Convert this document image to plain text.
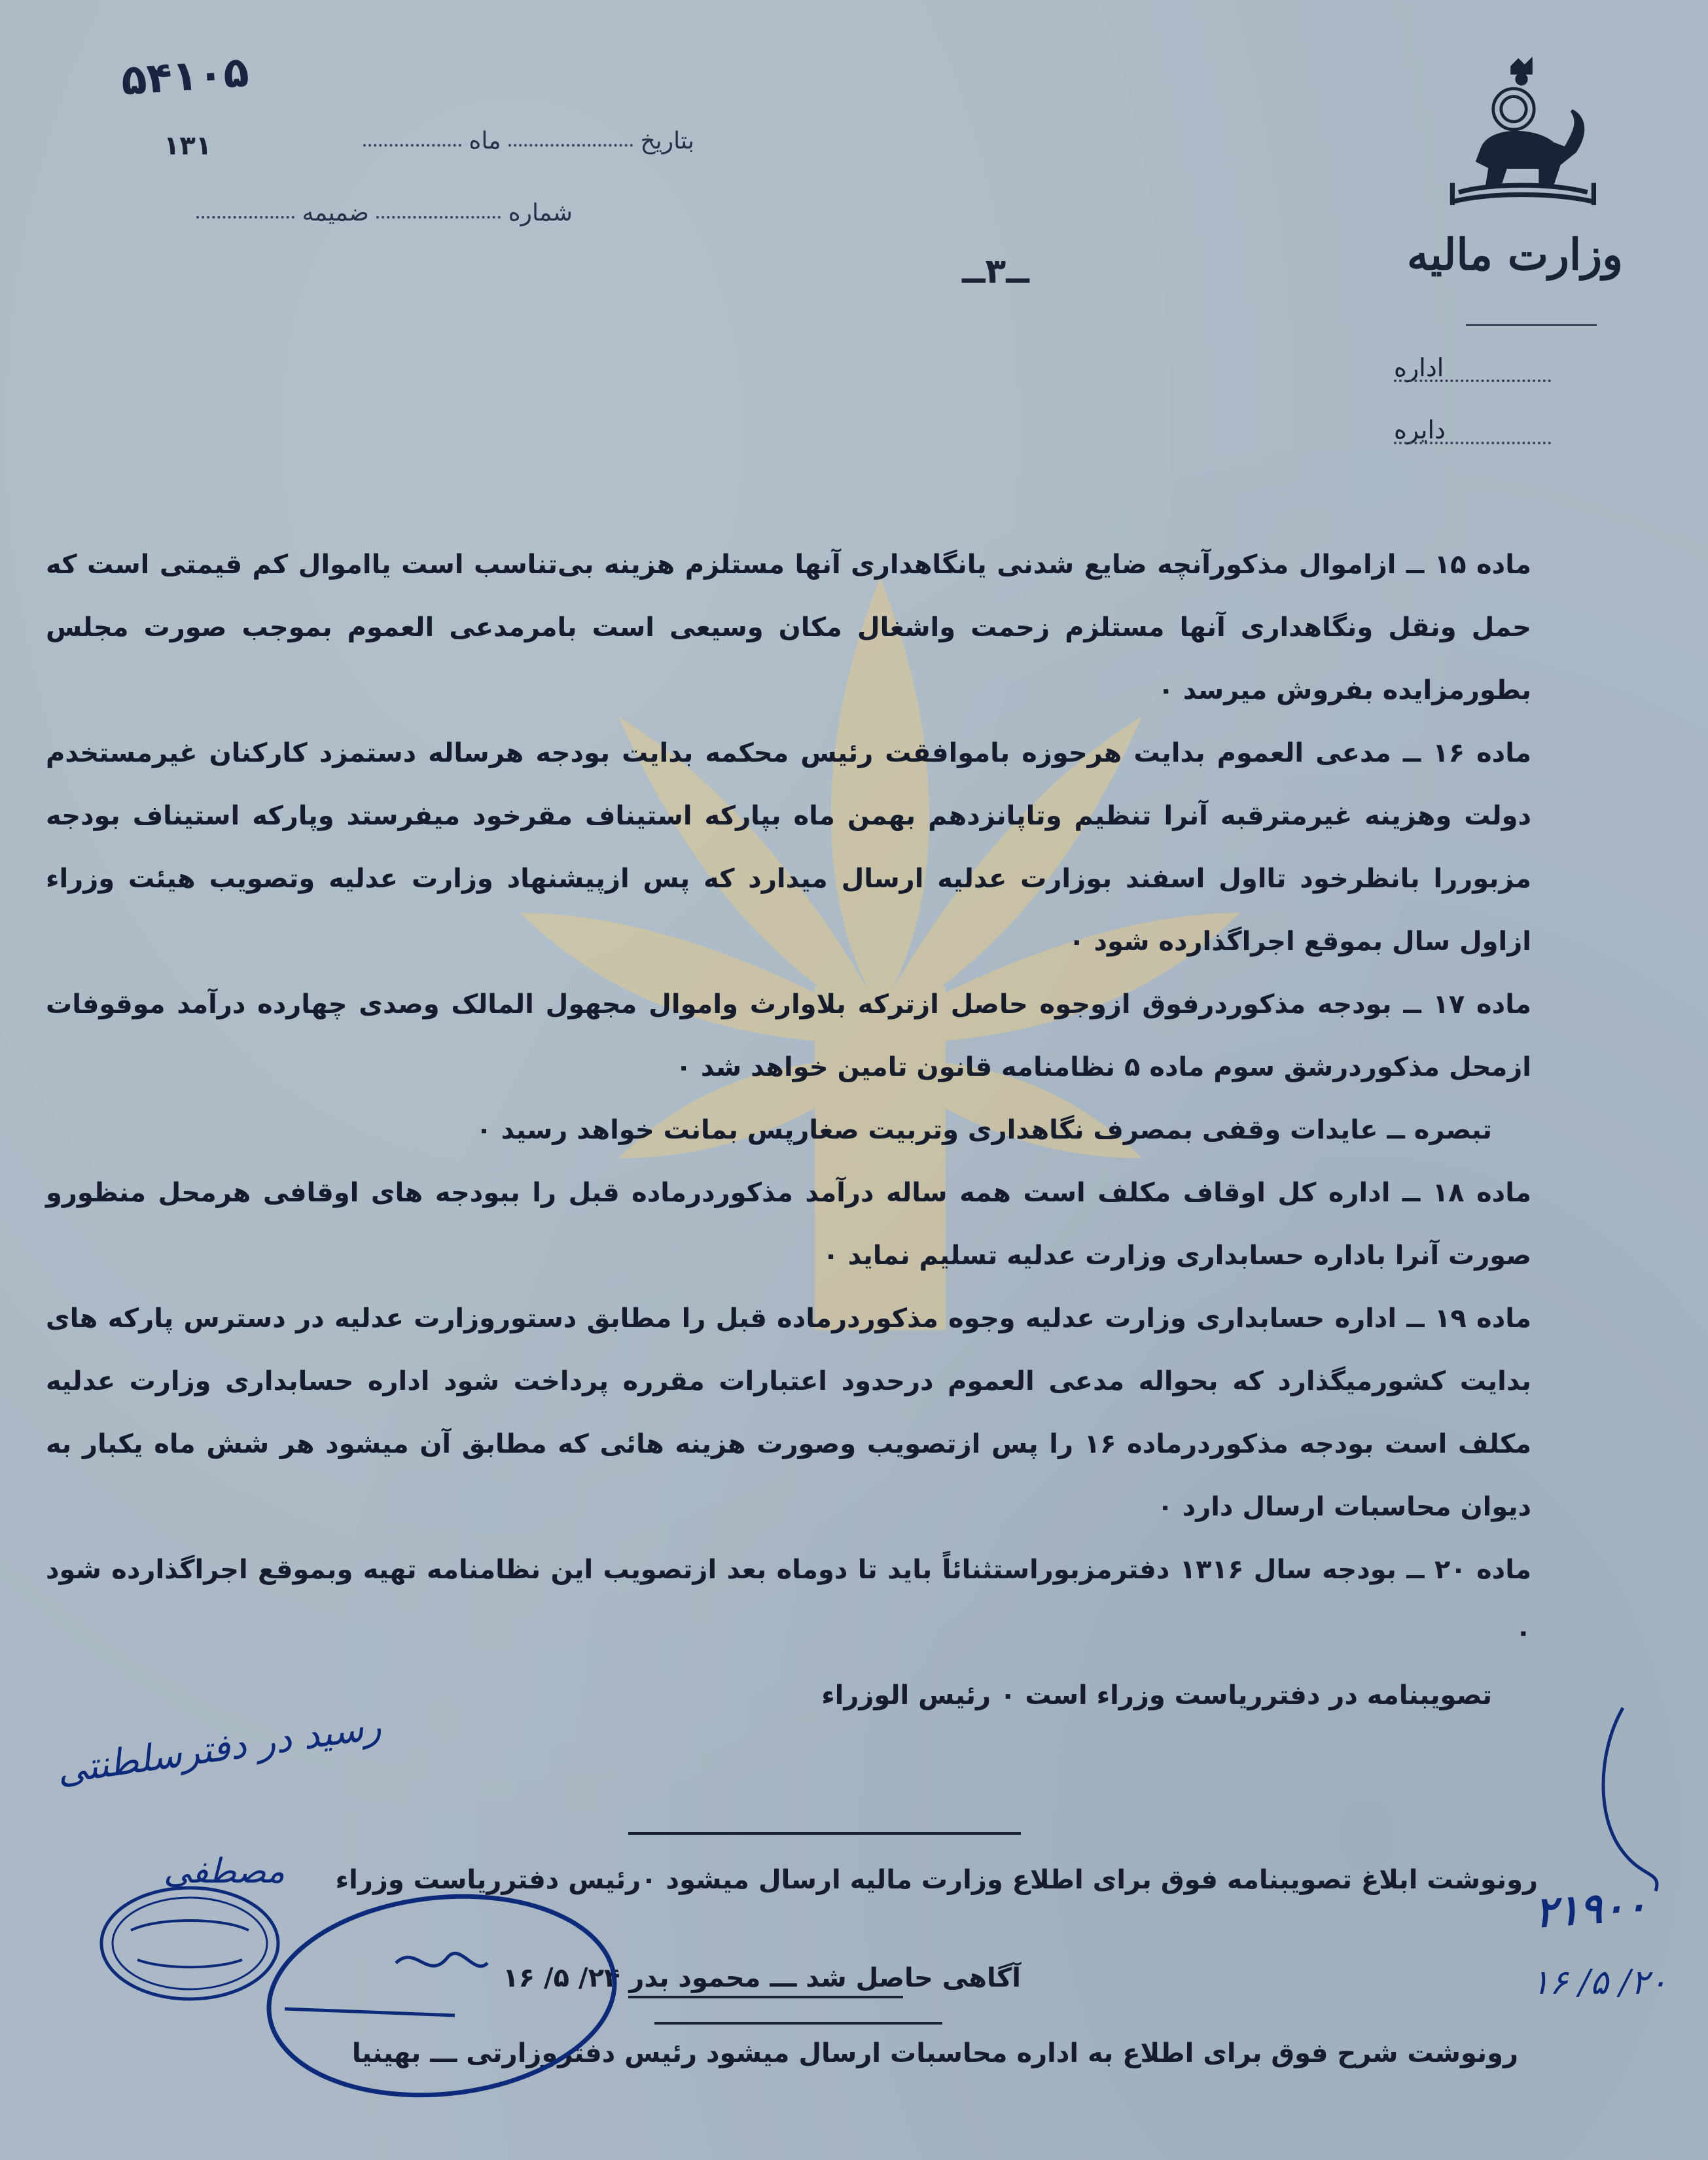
۵۴۱۰۵
بتاریخ  ماه
۱۳۱
شماره  ضمیمه
ــ۳ــ	وزارت مالیه
اداره
دایره

ماده ۱۵ ــ ازاموال مذکورآنچه ضایع شدنی یانگاهداری آنها مستلزم هزینه بی‌تناسب است یااموال کم قیمتی است که حمل ونقل ونگاهداری آنها مستلزم زحمت واشغال مکان وسیعی است بامرمدعی العموم بموجب صورت مجلس بطورمزایده بفروش میرسد ۰

ماده ۱۶ ــ مدعی العموم بدایت هرحوزه باموافقت رئیس محکمه بدایت بودجه هرساله دستمزد کارکنان غیرمستخدم دولت وهزینه غیرمترقبه آنرا تنظیم وتاپانزدهم بهمن ماه بپارکه استیناف مقرخود میفرستد وپارکه استیناف بودجه مزبوررا بانظرخود تااول اسفند بوزارت عدلیه ارسال میدارد که پس ازپیشنهاد وزارت عدلیه وتصویب هیئت وزراء ازاول سال بموقع اجراگذارده شود ۰

ماده ۱۷ ــ بودجه مذکوردرفوق ازوجوه حاصل ازترکه بلاوارث واموال مجهول المالک وصدی چهارده درآمد موقوفات ازمحل مذکوردرشق سوم ماده ۵ نظامنامه قانون تامین خواهد شد ۰

تبصره ــ عایدات وقفی بمصرف نگاهداری وتربیت صغارپس بمانت خواهد رسید ۰

ماده ۱۸ ــ اداره کل اوقاف مکلف است همه ساله درآمد مذکوردرماده قبل را ببودجه های اوقافی هرمحل منظورو صورت آنرا باداره حسابداری وزارت عدلیه تسلیم نماید ۰

ماده ۱۹ ــ اداره حسابداری وزارت عدلیه وجوه مذکوردرماده قبل را مطابق دستوروزارت عدلیه در دسترس پارکه های بدایت کشورمیگذارد که بحواله مدعی العموم درحدود اعتبارات مقرره پرداخت شود اداره حسابداری وزارت عدلیه مکلف است بودجه مذکوردرماده ۱۶ را پس ازتصویب وصورت هزینه هائی که مطابق آن میشود هر شش ماه یکبار به دیوان محاسبات ارسال دارد ۰

ماده ۲۰ ــ بودجه سال ۱۳۱۶ دفترمزبوراستثنائاً باید تا دوماه بعد ازتصویب این نظامنامه تهیه وبموقع اجراگذارده شود ۰

تصویبنامه در دفترریاست وزراء است ۰ رئیس الوزراء

رونوشت ابلاغ تصویبنامه فوق برای اطلاع وزارت مالیه ارسال میشود ۰رئیس دفترریاست وزراء
آگاهی حاصل شد ـــ محمود بدر ۲۴/ ۵/ ۱۶
رونوشت شرح فوق برای اطلاع به اداره محاسبات ارسال میشود رئیس دفتروزارتی ـــ بهینیا
رسید در دفترسلطنتی
مصطفی
۲۱۹۰۰
۲۰/ ۵/ ۱۶
